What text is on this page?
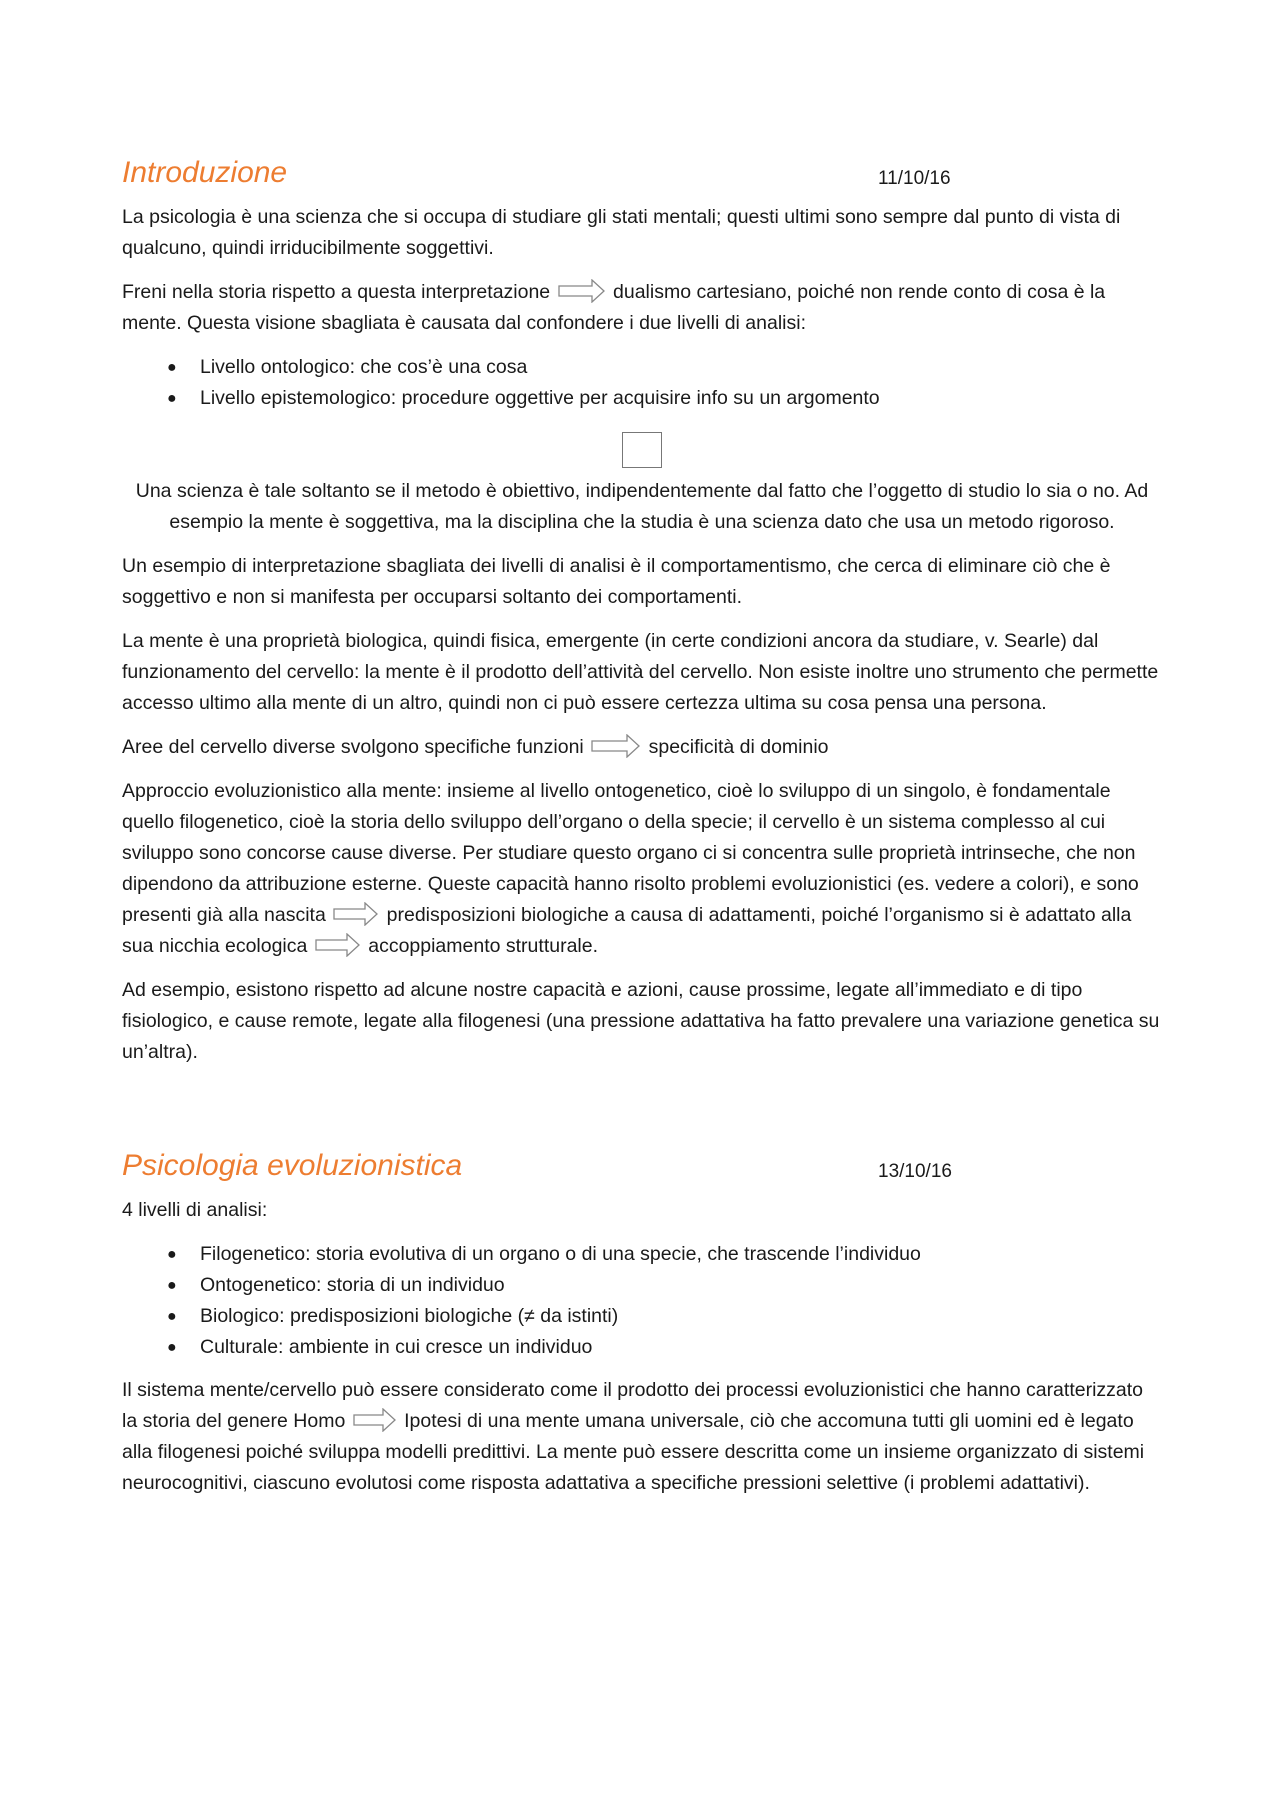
Introduzione	11/10/16

La psicologia è una scienza che si occupa di studiare gli stati mentali; questi ultimi sono sempre dal punto di vista di qualcuno, quindi irriducibilmente soggettivi.

Freni nella storia rispetto a questa interpretazione	dualismo cartesiano, poiché non rende conto di cosa è la mente. Questa visione sbagliata è causata dal confondere i due livelli di analisi:

● Livello ontologico: che cos’è una cosa
● Livello epistemologico: procedure oggettive per acquisire info su un argomento

Una scienza è tale soltanto se il metodo è obiettivo, indipendentemente dal fatto che l’oggetto di studio lo sia o no. Ad esempio la mente è soggettiva, ma la disciplina che la studia è una scienza dato che usa un metodo rigoroso.

Un esempio di interpretazione sbagliata dei livelli di analisi è il comportamentismo, che cerca di eliminare ciò che è soggettivo e non si manifesta per occuparsi soltanto dei comportamenti.

La mente è una proprietà biologica, quindi fisica, emergente (in certe condizioni ancora da studiare, v. Searle) dal funzionamento del cervello: la mente è il prodotto dell’attività del cervello. Non esiste inoltre uno strumento che permette accesso ultimo alla mente di un altro, quindi non ci può essere certezza ultima su cosa pensa una persona.

Aree del cervello diverse svolgono specifiche funzioni	specificità di dominio

Approccio evoluzionistico alla mente: insieme al livello ontogenetico, cioè lo sviluppo di un singolo, è fondamentale quello filogenetico, cioè la storia dello sviluppo dell’organo o della specie; il cervello è un sistema complesso al cui sviluppo sono concorse cause diverse. Per studiare questo organo ci si concentra sulle proprietà intrinseche, che non dipendono da attribuzione esterne. Queste capacità hanno risolto problemi evoluzionistici (es. vedere a colori), e sono presenti già alla nascita	predisposizioni biologiche a causa di adattamenti, poiché l’organismo si è adattato alla sua nicchia ecologica	accoppiamento strutturale.

Ad esempio, esistono rispetto ad alcune nostre capacità e azioni, cause prossime, legate all’immediato e di tipo fisiologico, e cause remote, legate alla filogenesi (una pressione adattativa ha fatto prevalere una variazione genetica su un’altra).

Psicologia evoluzionistica	13/10/16

4 livelli di analisi:

● Filogenetico: storia evolutiva di un organo o di una specie, che trascende l’individuo
● Ontogenetico: storia di un individuo
● Biologico: predisposizioni biologiche (≠ da istinti)
● Culturale: ambiente in cui cresce un individuo

Il sistema mente/cervello può essere considerato come il prodotto dei processi evoluzionistici che hanno caratterizzato la storia del genere Homo	Ipotesi di una mente umana universale, ciò che accomuna tutti gli uomini ed è legato alla filogenesi poiché sviluppa modelli predittivi. La mente può essere descritta come un insieme organizzato di sistemi neurocognitivi, ciascuno evolutosi come risposta adattativa a specifiche pressioni selettive (i problemi adattativi).
